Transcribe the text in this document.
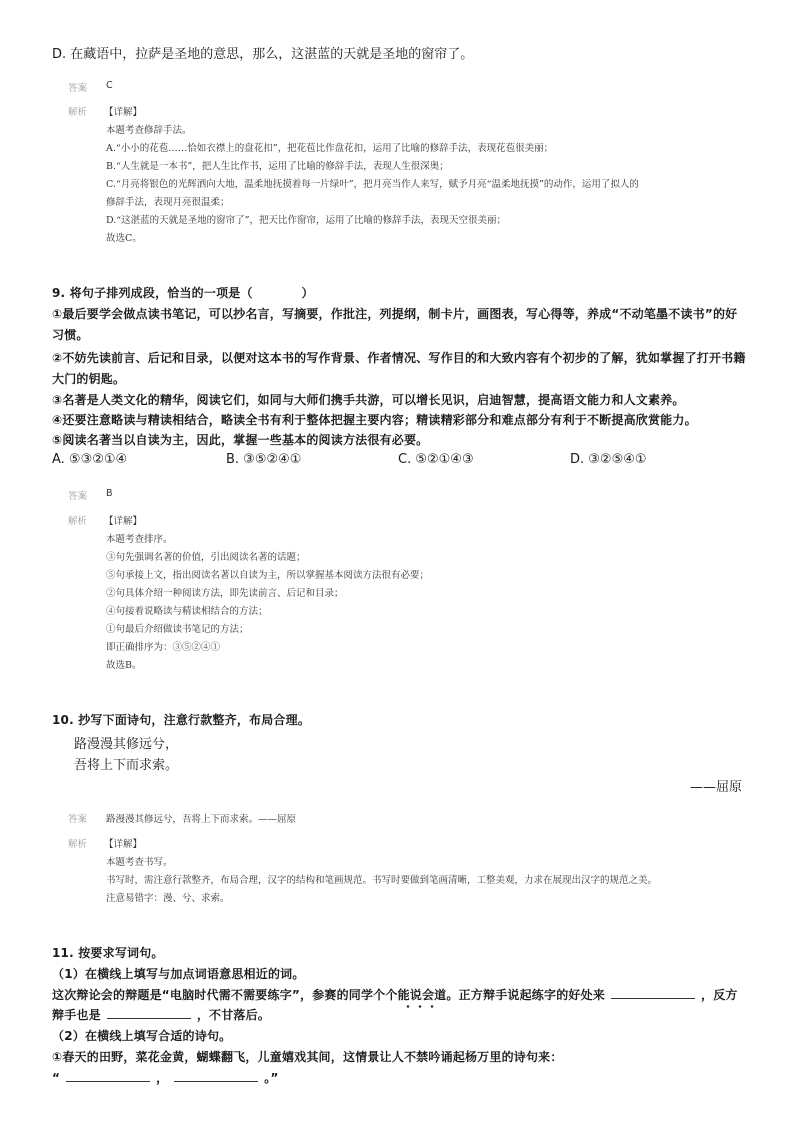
D. 在藏语中，拉萨是圣地的意思，那么，这湛蓝的天就是圣地的窗帘了。
答案 C
解析 【详解】
本题考查修辞手法。
A.“小小的花苞……恰如衣襟上的盘花扣”，把花苞比作盘花扣，运用了比喻的修辞手法，表现花苞很美丽；
B.“人生就是一本书”，把人生比作书，运用了比喻的修辞手法，表现人生很深奥；
C.“月亮将银色的光辉洒向大地，温柔地抚摸着每一片绿叶”，把月亮当作人来写，赋予月亮“温柔地抚摸”的动作，运用了拟人的
修辞手法，表现月亮很温柔；
D.“这湛蓝的天就是圣地的窗帘了”，把天比作窗帘，运用了比喻的修辞手法，表现天空很美丽；
故选C。
9. 将句子排列成段，恰当的一项是（　　　　）
①最后要学会做点读书笔记，可以抄名言，写摘要，作批注，列提纲，制卡片，画图表，写心得等，养成“不动笔墨不读书”的好
习惯。
②不妨先读前言、后记和目录，以便对这本书的写作背景、作者情况、写作目的和大致内容有个初步的了解，犹如掌握了打开书籍
大门的钥匙。
③名著是人类文化的精华，阅读它们，如同与大师们携手共游，可以增长见识，启迪智慧，提高语文能力和人文素养。
④还要注意略读与精读相结合，略读全书有利于整体把握主要内容；精读精彩部分和难点部分有利于不断提高欣赏能力。
⑤阅读名著当以自读为主，因此，掌握一些基本的阅读方法很有必要。
A. ⑤③②①④	B. ③⑤②④①	C. ⑤②①④③	D. ③②⑤④①
答案 B
解析 【详解】
本题考查排序。
③句先强调名著的价值，引出阅读名著的话题；
⑤句承接上文，指出阅读名著以自读为主，所以掌握基本阅读方法很有必要；
②句具体介绍一种阅读方法，即先读前言、后记和目录；
④句接着说略读与精读相结合的方法；
①句最后介绍做读书笔记的方法；
即正确排序为：③⑤②④①
故选B。
10. 抄写下面诗句，注意行款整齐，布局合理。
路漫漫其修远兮，
吾将上下而求索。
——屈原
答案 路漫漫其修远兮，吾将上下而求索。——屈原
解析 【详解】
本题考查书写。
书写时，需注意行款整齐，布局合理，汉字的结构和笔画规范。书写时要做到笔画清晰，工整美观，力求在展现出汉字的规范之美。
注意易错字：漫、兮、求索。
11. 按要求写词句。
（1）在横线上填写与加点词语意思相近的词。
这次辩论会的辩题是“电脑时代需不需要练字”，参赛的同学个个能说会道。正方辩手说起练字的好处来	，反方
辩手也是	，不甘落后。
（2）在横线上填写合适的诗句。
①春天的田野，菜花金黄，蝴蝶翻飞，儿童嬉戏其间，这情景让人不禁吟诵起杨万里的诗句来：
“	，	。”
